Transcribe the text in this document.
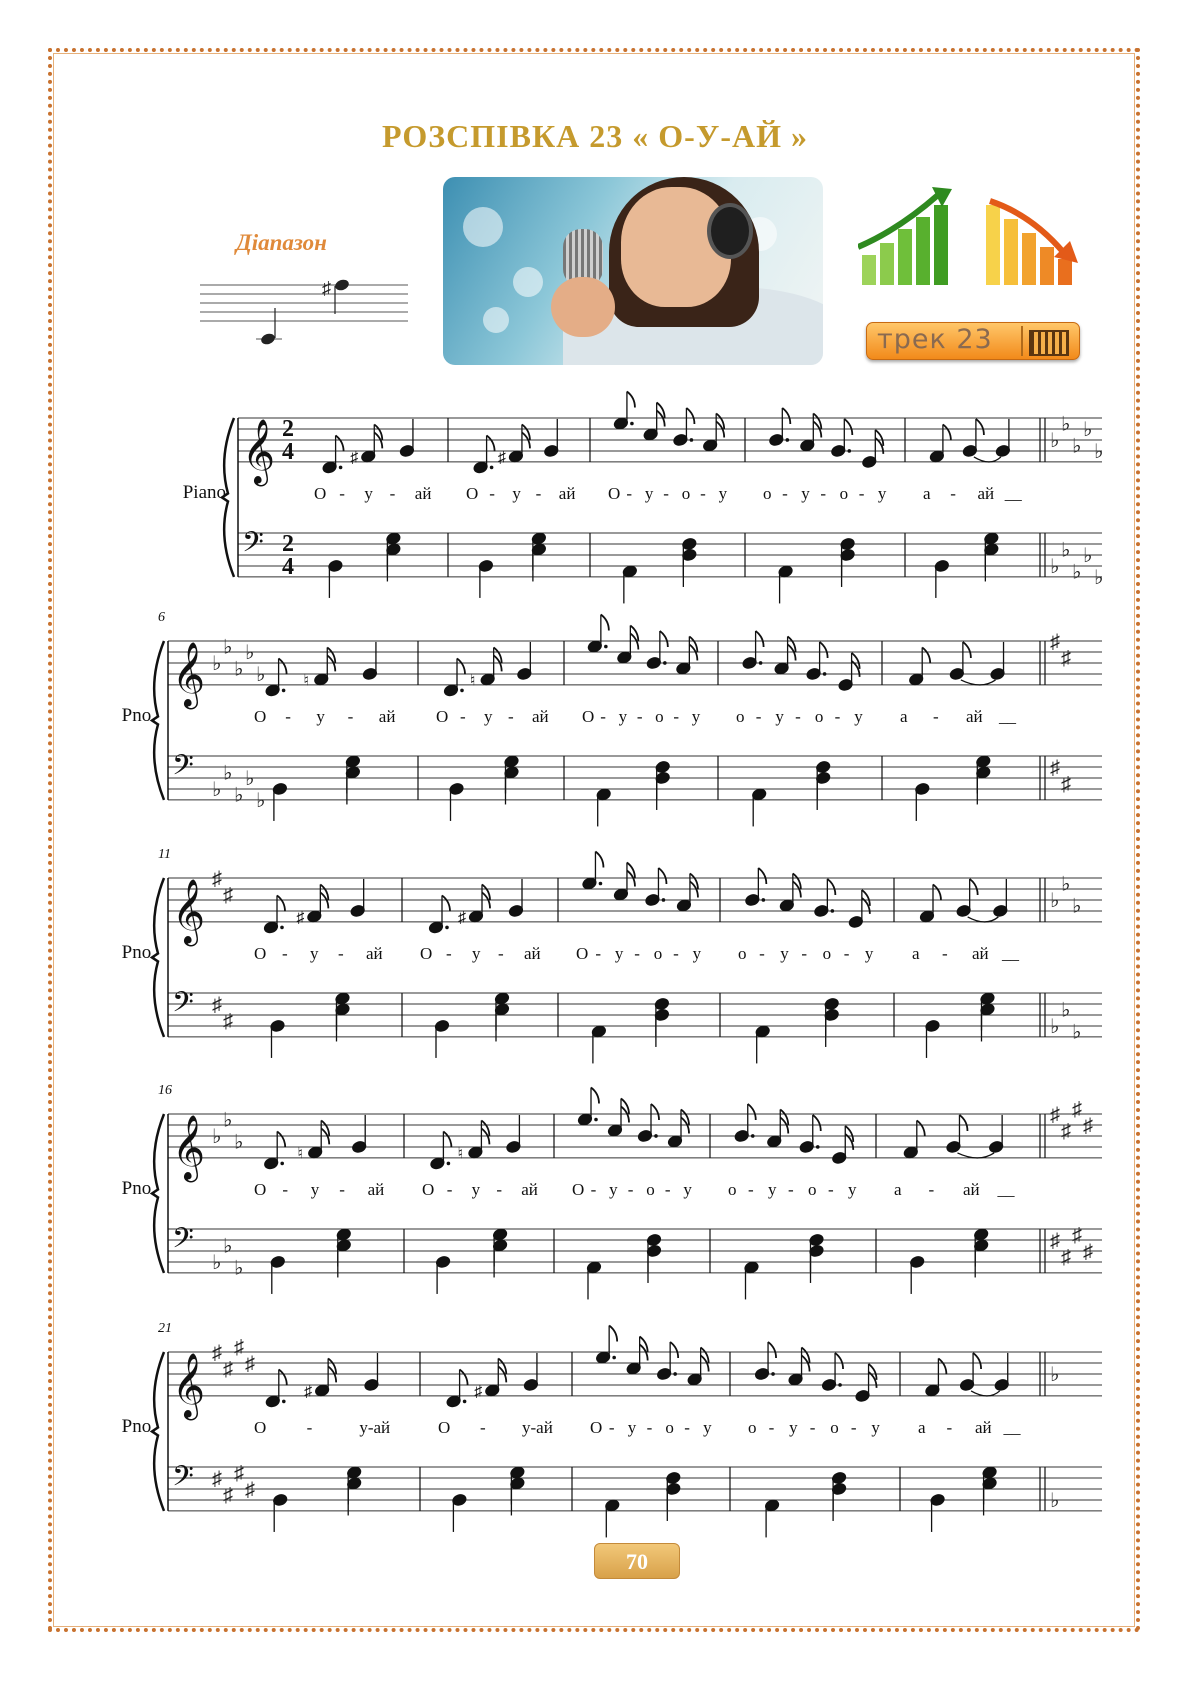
РОЗСПІВКА 23 « О-У-АЙ »
Діапазон
♯
трек 23
Piano
𝄞
𝄢
2
4
2
4
♭
♭
♭
♭
♭
♭
♭
♭
♭
♭
♯
О - у - ай
♯
О - у - ай О - у - о - у о - у - о - у а - ай __
Pno.
6
𝄞
𝄢
♭
♭
♭
♭
♭
♭
♭
♭
♭
♭
♯
♯
♯
♯
♮
О - у - ай
♮
О - у - ай О - у - о - у о - у - о - у а - ай __
Pno.
11
𝄞
𝄢
♯
♯
♯
♯
♭
♭
♭
♭
♭
♭
♯
О - у - ай
♯
О - у - ай О - у - о - у о - у - о - у а - ай __
Pno.
16
𝄞
𝄢
♭
♭
♭
♭
♭
♭
♯
♯
♯
♯
♯
♯
♯
♯
♮
О - у - ай
♮
О - у - ай О - у - о - у о - у - о - у а - ай __
Pno.
21
𝄞
𝄢
♯
♯
♯
♯
♯
♯
♯
♯
♭
♭
♯
О -	у-ай
♯
О - у-ай О - у - о - у о - у - о - у а - ай __
70
